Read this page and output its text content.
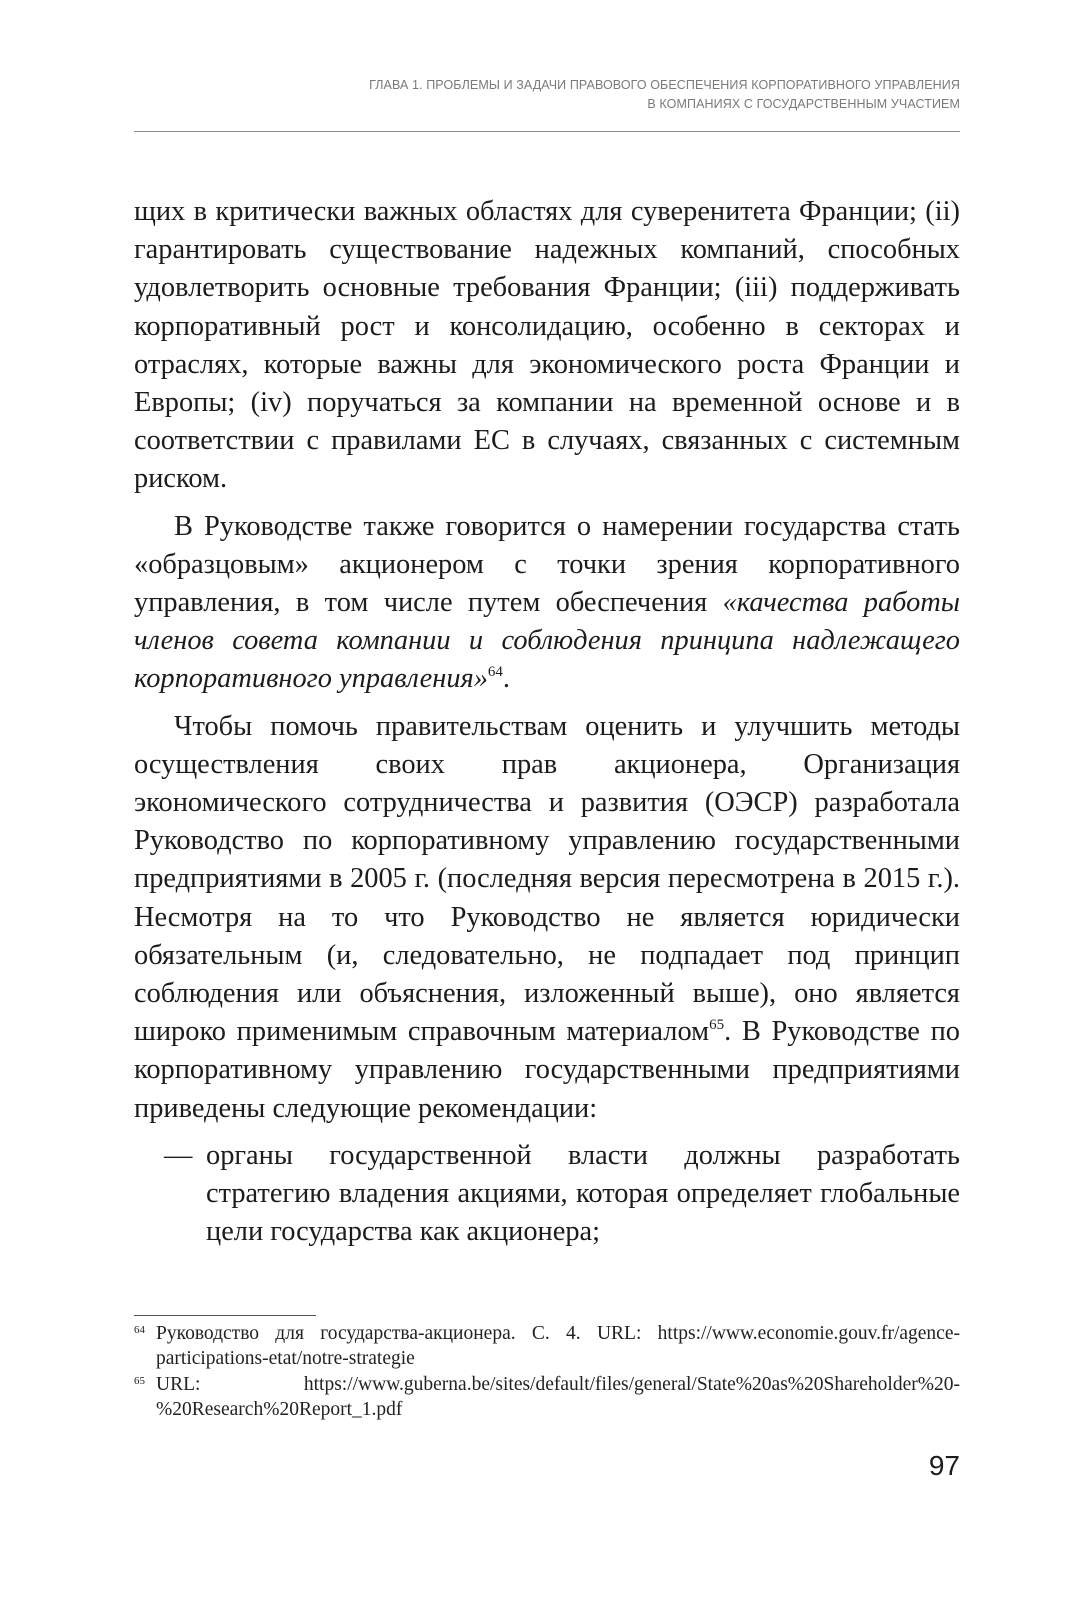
ГЛАВА 1. ПРОБЛЕМЫ И ЗАДАЧИ ПРАВОВОГО ОБЕСПЕЧЕНИЯ КОРПОРАТИВНОГО УПРАВЛЕНИЯ
В КОМПАНИЯХ С ГОСУДАРСТВЕННЫМ УЧАСТИЕМ

щих в критически важных областях для суверенитета Франции; (ii) гарантировать существование надежных компаний, способных удовлетворить основные требования Франции; (iii) поддерживать корпоративный рост и консолидацию, особенно в секторах и отраслях, которые важны для экономического роста Франции и Европы; (iv) поручаться за компании на временной основе и в соответствии с правилами ЕС в случаях, связанных с системным риском.

В Руководстве также говорится о намерении государства стать «образцовым» акционером с точки зрения корпоративного управления, в том числе путем обеспечения «качества работы членов совета компании и соблюдения принципа надлежащего корпоративного управления»$^{64}$.

Чтобы помочь правительствам оценить и улучшить методы осуществления своих прав акционера, Организация экономического сотрудничества и развития (ОЭСР) разработала Руководство по корпоративному управлению государственными предприятиями в 2005 г. (последняя версия пересмотрена в 2015 г.). Несмотря на то что Руководство не является юридически обязательным (и, следовательно, не подпадает под принцип соблюдения или объяснения, изложенный выше), оно является широко применимым справочным материалом$^{65}$. В Руководстве по корпоративному управлению государственными предприятиями приведены следующие рекомендации:

— органы государственной власти должны разработать стратегию владения акциями, которая определяет глобальные цели государства как акционера;

64 Руководство для государства-акционера. С. 4. URL: https://www.economie.gouv.fr/agence-participations-etat/notre-strategie
65 URL: https://www.guberna.be/sites/default/files/general/State%20as%20Shareholder%20-%20Research%20Report_1.pdf
97
